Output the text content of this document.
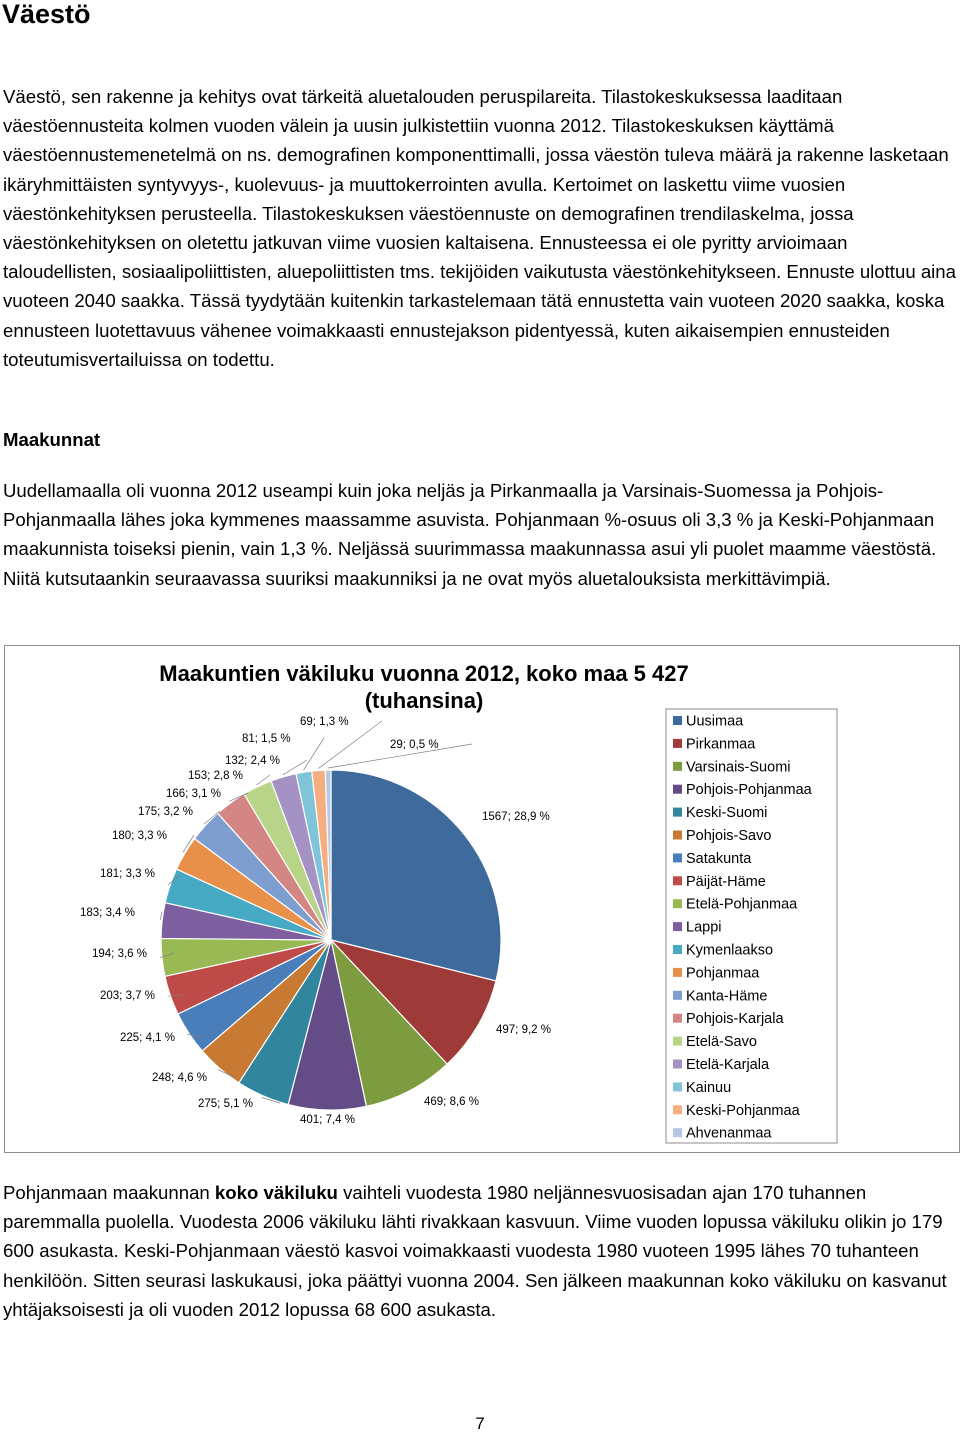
Väestö

Väestö, sen rakenne ja kehitys ovat tärkeitä aluetalouden peruspilareita. Tilastokeskuksessa laaditaan väestöennusteita kolmen vuoden välein ja uusin julkistettiin vuonna 2012. Tilastokeskuksen käyttämä väestöennustemenetelmä on ns. demografinen komponenttimalli, jossa väestön tuleva määrä ja rakenne lasketaan ikäryhmittäisten syntyvyys-, kuolevuus- ja muuttokerrointen avulla. Kertoimet on laskettu viime vuosien väestönkehityksen perusteella. Tilastokeskuksen väestöennuste on demografinen trendilaskelma, jossa väestönkehityksen on oletettu jatkuvan viime vuosien kaltaisena. Ennusteessa ei ole pyritty arvioimaan taloudellisten, sosiaalipoliittisten, aluepoliittisten tms. tekijöiden vaikutusta väestönkehitykseen. Ennuste ulottuu aina vuoteen 2040 saakka. Tässä tyydytään kuitenkin tarkastelemaan tätä ennustetta vain vuoteen 2020 saakka, koska ennusteen luotettavuus vähenee voimakkaasti ennustejakson pidentyessä, kuten aikaisempien ennusteiden toteutumisvertailuissa on todettu.

Maakunnat

Uudellamaalla oli vuonna 2012 useampi kuin joka neljäs ja Pirkanmaalla ja Varsinais-Suomessa ja Pohjois-Pohjanmaalla lähes joka kymmenes maassamme asuvista. Pohjanmaan %-osuus oli 3,3 % ja Keski-Pohjanmaan maakunnista toiseksi pienin, vain 1,3 %. Neljässä suurimmassa maakunnassa asui yli puolet maamme väestöstä. Niitä kutsutaankin seuraavassa suuriksi maakunniksi ja ne ovat myös aluetalouksista merkittävimpiä.

Maakuntien väkiluku vuonna 2012, koko maa 5 427
(tuhansina)
1567; 28,9 %
497; 9,2 %
469; 8,6 %
401; 7,4 %
275; 5,1 %
248; 4,6 %
225; 4,1 %
203; 3,7 %
194; 3,6 %
183; 3,4 %
181; 3,3 %
180; 3,3 %
175; 3,2 %
166; 3,1 %
153; 2,8 %
132; 2,4 %
81; 1,5 %
69; 1,3 %
29; 0,5 %
Uusimaa
Pirkanmaa
Varsinais-Suomi
Pohjois-Pohjanmaa
Keski-Suomi
Pohjois-Savo
Satakunta
Päijät-Häme
Etelä-Pohjanmaa
Lappi
Kymenlaakso
Pohjanmaa
Kanta-Häme
Pohjois-Karjala
Etelä-Savo
Etelä-Karjala
Kainuu
Keski-Pohjanmaa
Ahvenanmaa

Pohjanmaan maakunnan koko väkiluku vaihteli vuodesta 1980 neljännesvuosisadan ajan 170 tuhannen paremmalla puolella. Vuodesta 2006 väkiluku lähti rivakkaan kasvuun. Viime vuoden lopussa väkiluku olikin jo 179 600 asukasta. Keski-Pohjanmaan väestö kasvoi voimakkaasti vuodesta 1980 vuoteen 1995 lähes 70 tuhanteen henkilöön. Sitten seurasi laskukausi, joka päättyi vuonna 2004. Sen jälkeen maakunnan koko väkiluku on kasvanut yhtäjaksoisesti ja oli vuoden 2012 lopussa 68 600 asukasta.

7
